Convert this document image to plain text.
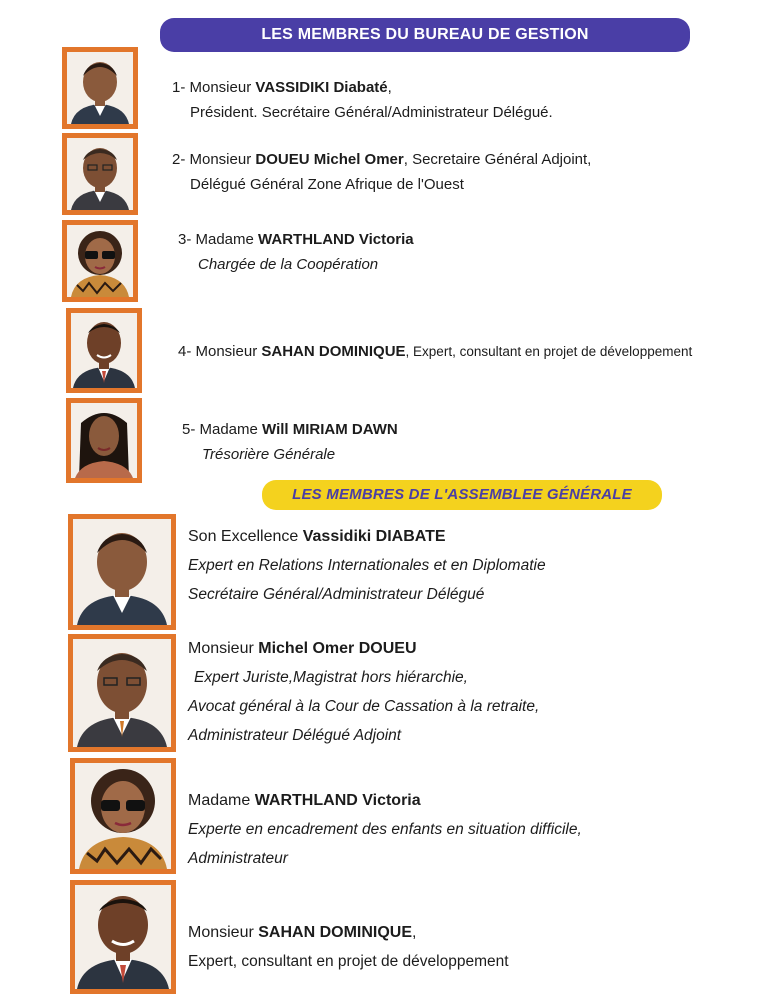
LES MEMBRES DU BUREAU DE GESTION
1- Monsieur VASSIDIKI Diabaté,
Président. Secrétaire Général/Administrateur Délégué.
2- Monsieur DOUEU Michel Omer, Secretaire Général Adjoint,
Délégué Général Zone Afrique de l'Ouest
3- Madame WARTHLAND Victoria
Chargée de la Coopération
4- Monsieur SAHAN DOMINIQUE, Expert, consultant en projet de développement
5- Madame Will MIRIAM DAWN
Trésorière Générale
LES MEMBRES DE L'ASSEMBLEE GÉNÉRALE
Son Excellence Vassidiki DIABATE
Expert en Relations Internationales et en Diplomatie
Secrétaire Général/Administrateur Délégué
Monsieur Michel Omer DOUEU
Expert Juriste,Magistrat hors hiérarchie,
Avocat général à la Cour de Cassation à la retraite,
Administrateur Délégué Adjoint
Madame WARTHLAND Victoria
Experte en encadrement des enfants en situation difficile,
Administrateur
Monsieur SAHAN DOMINIQUE,
Expert, consultant en projet de développement
